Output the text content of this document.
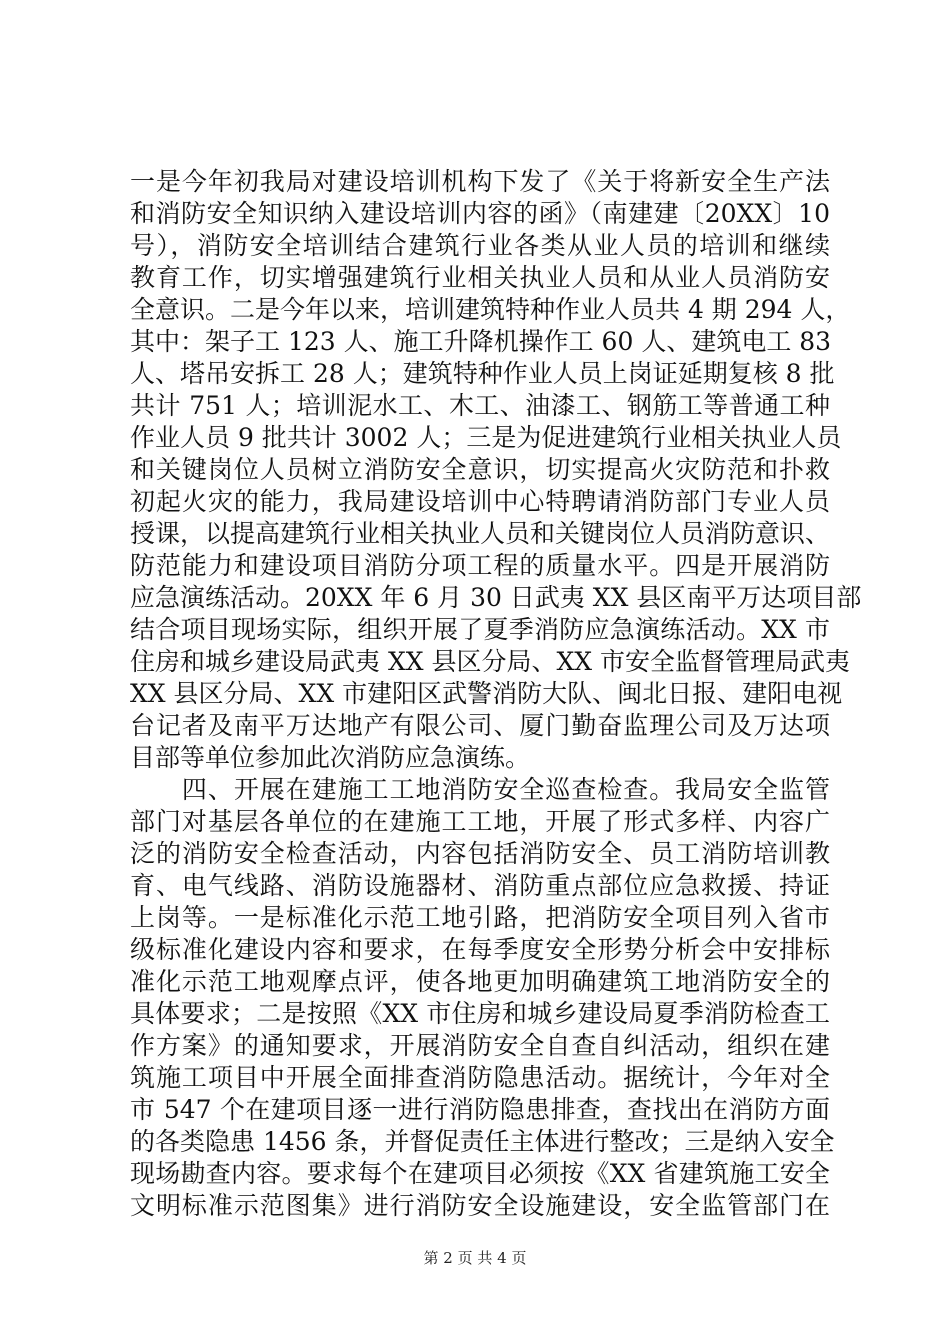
一是今年初我局对建设培训机构下发了《关于将新安全生产法
和消防安全知识纳入建设培训内容的函》（南建建〔20XX〕10
号），消防安全培训结合建筑行业各类从业人员的培训和继续
教育工作，切实增强建筑行业相关执业人员和从业人员消防安
全意识。二是今年以来，培训建筑特种作业人员共 4 期 294 人，
其中：架子工 123 人、施工升降机操作工 60 人、建筑电工 83
人、塔吊安拆工 28 人；建筑特种作业人员上岗证延期复核 8 批
共计 751 人；培训泥水工、木工、油漆工、钢筋工等普通工种
作业人员 9 批共计 3002 人；三是为促进建筑行业相关执业人员
和关键岗位人员树立消防安全意识，切实提高火灾防范和扑救
初起火灾的能力，我局建设培训中心特聘请消防部门专业人员
授课，以提高建筑行业相关执业人员和关键岗位人员消防意识、
防范能力和建设项目消防分项工程的质量水平。四是开展消防
应急演练活动。20XX 年 6 月 30 日武夷 XX 县区南平万达项目部
结合项目现场实际，组织开展了夏季消防应急演练活动。XX 市
住房和城乡建设局武夷 XX 县区分局、XX 市安全监督管理局武夷
XX 县区分局、XX 市建阳区武警消防大队、闽北日报、建阳电视
台记者及南平万达地产有限公司、厦门勤奋监理公司及万达项
目部等单位参加此次消防应急演练。
　　四、开展在建施工工地消防安全巡查检查。我局安全监管
部门对基层各单位的在建施工工地，开展了形式多样、内容广
泛的消防安全检查活动，内容包括消防安全、员工消防培训教
育、电气线路、消防设施器材、消防重点部位应急救援、持证
上岗等。一是标准化示范工地引路，把消防安全项目列入省市
级标准化建设内容和要求，在每季度安全形势分析会中安排标
准化示范工地观摩点评，使各地更加明确建筑工地消防安全的
具体要求；二是按照《XX 市住房和城乡建设局夏季消防检查工
作方案》的通知要求，开展消防安全自查自纠活动，组织在建
筑施工项目中开展全面排查消防隐患活动。据统计，今年对全
市 547 个在建项目逐一进行消防隐患排查，查找出在消防方面
的各类隐患 1456 条，并督促责任主体进行整改；三是纳入安全
现场勘查内容。要求每个在建项目必须按《XX 省建筑施工安全
文明标准示范图集》进行消防安全设施建设，安全监管部门在
第 2 页 共 4 页
